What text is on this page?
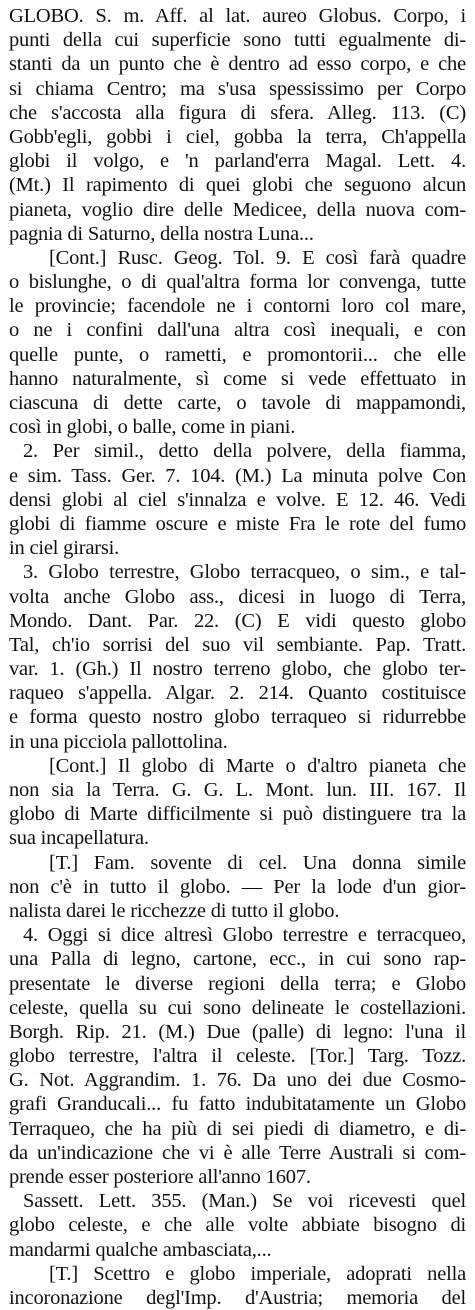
GLOBO. S. m. Aff. al lat. aureo Globus. Corpo, i
punti della cui superficie sono tutti egualmente di-
stanti da un punto che è dentro ad esso corpo, e che
si chiama Centro; ma s'usa spessissimo per Corpo
che s'accosta alla figura di sfera. Alleg. 113. (C)
Gobb'egli, gobbi i ciel, gobba la terra, Ch'appella
globi il volgo, e 'n parland'erra Magal. Lett. 4.
(Mt.) Il rapimento di quei globi che seguono alcun
pianeta, voglio dire delle Medicee, della nuova com-
pagnia di Saturno, della nostra Luna...
[Cont.] Rusc. Geog. Tol. 9. E così farà quadre
o bislunghe, o di qual'altra forma lor convenga, tutte
le provincie; facendole ne i contorni loro col mare,
o ne i confini dall'una altra così inequali, e con
quelle punte, o rametti, e promontorii... che elle
hanno naturalmente, sì come si vede effettuato in
ciascuna di dette carte, o tavole di mappamondi,
così in globi, o balle, come in piani.
2. Per simil., detto della polvere, della fiamma,
e sim. Tass. Ger. 7. 104. (M.) La minuta polve Con
densi globi al ciel s'innalza e volve. E 12. 46. Vedi
globi di fiamme oscure e miste Fra le rote del fumo
in ciel girarsi.
3. Globo terrestre, Globo terracqueo, o sim., e tal-
volta anche Globo ass., dicesi in luogo di Terra,
Mondo. Dant. Par. 22. (C) E vidi questo globo
Tal, ch'io sorrisi del suo vil sembiante. Pap. Tratt.
var. 1. (Gh.) Il nostro terreno globo, che globo ter-
raqueo s'appella. Algar. 2. 214. Quanto costituisce
e forma questo nostro globo terraqueo si ridurrebbe
in una picciola pallottolina.
[Cont.] Il globo di Marte o d'altro pianeta che
non sia la Terra. G. G. L. Mont. lun. III. 167. Il
globo di Marte difficilmente si può distinguere tra la
sua incapellatura.
[T.] Fam. sovente di cel. Una donna simile
non c'è in tutto il globo. — Per la lode d'un gior-
nalista darei le ricchezze di tutto il globo.
4. Oggi si dice altresì Globo terrestre e terracqueo,
una Palla di legno, cartone, ecc., in cui sono rap-
presentate le diverse regioni della terra; e Globo
celeste, quella su cui sono delineate le costellazioni.
Borgh. Rip. 21. (M.) Due (palle) di legno: l'una il
globo terrestre, l'altra il celeste. [Tor.] Targ. Tozz.
G. Not. Aggrandim. 1. 76. Da uno dei due Cosmo-
grafi Granducali... fu fatto indubitatamente un Globo
Terraqueo, che ha più di sei piedi di diametro, e di-
da un'indicazione che vi è alle Terre Australi si com-
prende esser posteriore all'anno 1607.
Sassett. Lett. 355. (Man.) Se voi ricevesti quel
globo celeste, e che alle volte abbiate bisogno di
mandarmi qualche ambasciata,...
[T.] Scettro e globo imperiale, adoprati nella
incoronazione degl'Imp. d'Austria; memoria del
